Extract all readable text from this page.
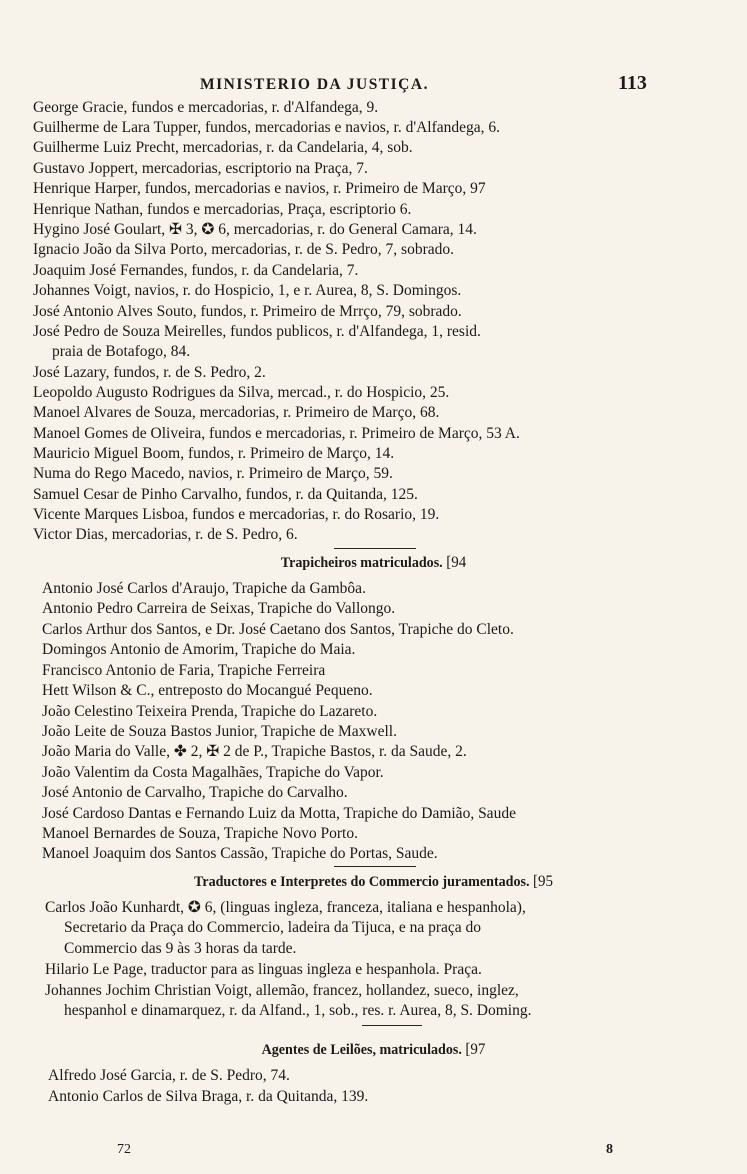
MINISTERIO DA JUSTIÇA.	113
George Gracie, fundos e mercadorias, r. d'Alfandega, 9.
Guilherme de Lara Tupper, fundos, mercadorias e navios, r. d'Alfandega, 6.
Guilherme Luiz Precht, mercadorias, r. da Candelaria, 4, sob.
Gustavo Joppert, mercadorias, escriptorio na Praça, 7.
Henrique Harper, fundos, mercadorias e navios, r. Primeiro de Março, 97
Henrique Nathan, fundos e mercadorias, Praça, escriptorio 6.
Hygino José Goulart, ✠ 3, ✪ 6, mercadorias, r. do General Camara, 14.
Ignacio João da Silva Porto, mercadorias, r. de S. Pedro, 7, sobrado.
Joaquim José Fernandes, fundos, r. da Candelaria, 7.
Johannes Voigt, navios, r. do Hospicio, 1, e r. Aurea, 8, S. Domingos.
José Antonio Alves Souto, fundos, r. Primeiro de Mrrço, 79, sobrado.
José Pedro de Souza Meirelles, fundos publicos, r. d'Alfandega, 1, resid.
praia de Botafogo, 84.
José Lazary, fundos, r. de S. Pedro, 2.
Leopoldo Augusto Rodrigues da Silva, mercad., r. do Hospicio, 25.
Manoel Alvares de Souza, mercadorias, r. Primeiro de Março, 68.
Manoel Gomes de Oliveira, fundos e mercadorias, r. Primeiro de Março, 53 A.
Mauricio Miguel Boom, fundos, r. Primeiro de Março, 14.
Numa do Rego Macedo, navios, r. Primeiro de Março, 59.
Samuel Cesar de Pinho Carvalho, fundos, r. da Quitanda, 125.
Vicente Marques Lisboa, fundos e mercadorias, r. do Rosario, 19.
Victor Dias, mercadorias, r. de S. Pedro, 6.
Trapicheiros matriculados. [94
Antonio José Carlos d'Araujo, Trapiche da Gambôa.
Antonio Pedro Carreira de Seixas, Trapiche do Vallongo.
Carlos Arthur dos Santos, e Dr. José Caetano dos Santos, Trapiche do Cleto.
Domingos Antonio de Amorim, Trapiche do Maia.
Francisco Antonio de Faria, Trapiche Ferreira
Hett Wilson & C., entreposto do Mocangué Pequeno.
João Celestino Teixeira Prenda, Trapiche do Lazareto.
João Leite de Souza Bastos Junior, Trapiche de Maxwell.
João Maria do Valle, ✤ 2, ✠ 2 de P., Trapiche Bastos, r. da Saude, 2.
João Valentim da Costa Magalhães, Trapiche do Vapor.
José Antonio de Carvalho, Trapiche do Carvalho.
José Cardoso Dantas e Fernando Luiz da Motta, Trapiche do Damião, Saude
Manoel Bernardes de Souza, Trapiche Novo Porto.
Manoel Joaquim dos Santos Cassão, Trapiche do Portas, Saude.
Traductores e Interpretes do Commercio juramentados. [95
Carlos João Kunhardt, ✪ 6, (linguas ingleza, franceza, italiana e hespanhola),
Secretario da Praça do Commercio, ladeira da Tijuca, e na praça do
Commercio das 9 às 3 horas da tarde.
Hilario Le Page, traductor para as linguas ingleza e hespanhola. Praça.
Johannes Jochim Christian Voigt, allemão, francez, hollandez, sueco, inglez,
hespanhol e dinamarquez, r. da Alfand., 1, sob., res. r. Aurea, 8, S. Doming.
Agentes de Leilões, matriculados. [97
Alfredo José Garcia, r. de S. Pedro, 74.
Antonio Carlos de Silva Braga, r. da Quitanda, 139.
72	8
